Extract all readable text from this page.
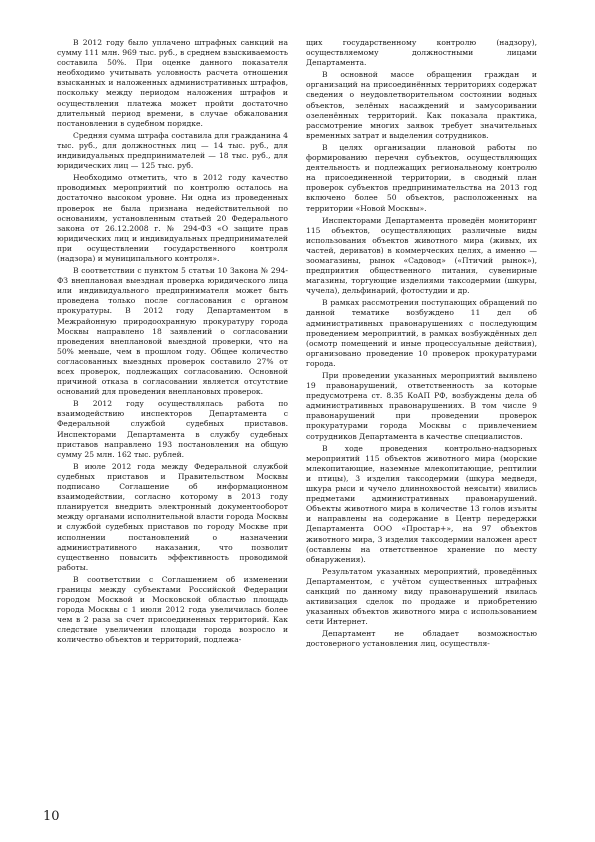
В 2012 году было уплачено штрафных санкций на сумму 111 млн. 969 тыс. руб., в среднем взыскиваемость составила 50%. При оценке данного показателя необходимо учитывать условность расчета отношения взысканных и наложенных административных штрафов, поскольку между периодом наложения штрафов и осуществления платежа может пройти достаточно длительный период времени, в случае обжалования постановления в судебном порядке.

Средняя сумма штрафа составила для гражданина 4 тыс. руб., для должностных лиц — 14 тыс. руб., для индивидуальных предпринимателей — 18 тыс. руб., для юридических лиц — 125 тыс. руб.

Необходимо отметить, что в 2012 году качество проводимых мероприятий по контролю осталось на достаточно высоком уровне. Ни одна из проведенных проверок не была признана недействительной по основаниям, установленным статьей 20 Федерального закона от 26.12.2008 г. № 294-ФЗ «О защите прав юридических лиц и индивидуальных предпринимателей при осуществлении государственного контроля (надзора) и муниципального контроля».

В соответствии с пунктом 5 статьи 10 Закона № 294-ФЗ внеплановая выездная проверка юридического лица или индивидуального предпринимателя может быть проведена только после согласования с органом прокуратуры. В 2012 году Департаментом в Межрайонную природоохранную прокуратуру города Москвы направлено 18 заявлений о согласовании проведения внеплановой выездной проверки, что на 50% меньше, чем в прошлом году. Общее количество согласованных выездных проверок составило 27% от всех проверок, подлежащих согласованию. Основной причиной отказа в согласовании является отсутствие оснований для проведения внеплановых проверок.

В 2012 году осуществлялась работа по взаимодействию инспекторов Департамента с Федеральной службой судебных приставов. Инспекторами Департамента в службу судебных приставов направлено 193 постановления на общую сумму 25 млн. 162 тыс. рублей.

В июле 2012 года между Федеральной службой судебных приставов и Правительством Москвы подписано Соглашение об информационном взаимодействии, согласно которому в 2013 году планируется внедрить электронный документооборот между органами исполнительной власти города Москвы и службой судебных приставов по городу Москве при исполнении постановлений о назначении административного наказания, что позволит существенно повысить эффективность проводимой работы.

В соответствии с Соглашением об изменении границы между субъектами Российской Федерации городом Москвой и Московской областью площадь города Москвы с 1 июля 2012 года увеличилась более чем в 2 раза за счет присоединенных территорий. Как следствие увеличения площади города возросло и количество объектов и территорий, подлежа-

щих государственному контролю (надзору), осуществляемому должностными лицами Департамента.

В основной массе обращения граждан и организаций на присоединённых территориях содержат сведения о неудовлетворительном состоянии водных объектов, зелёных насаждений и замусоривании озеленённых территорий. Как показала практика, рассмотрение многих заявок требует значительных временных затрат и выделения сотрудников.

В целях организации плановой работы по формированию перечня субъектов, осуществляющих деятельность и подлежащих региональному контролю на присоединенной территории, в сводный план проверок субъектов предпринимательства на 2013 год включено более 50 объектов, расположенных на территории «Новой Москвы».

Инспекторами Департамента проведён мониторинг 115 объектов, осуществляющих различные виды использования объектов животного мира (живых, их частей, дериватов) в коммерческих целях, а именно — зоомагазины, рынок «Садовод» («Птичий рынок»), предприятия общественного питания, сувенирные магазины, торгующие изделиями таксодермии (шкуры, чучела), дельфинарий, фотостудии и др.

В рамках рассмотрения поступающих обращений по данной тематике возбуждено 11 дел об административных правонарушениях с последующим проведением мероприятий, в рамках возбуждённых дел (осмотр помещений и иные процессуальные действия), организовано проведение 10 проверок прокуратурами города.

При проведении указанных мероприятий выявлено 19 правонарушений, ответственность за которые предусмотрена ст. 8.35 КоАП РФ, возбуждены дела об административных правонарушениях. В том числе 9 правонарушений при проведении проверок прокуратурами города Москвы с привлечением сотрудников Департамента в качестве специалистов.

В ходе проведения контрольно-надзорных мероприятий 115 объектов животного мира (морские млекопитающие, наземные млекопитающие, рептилии и птицы), 3 изделия таксодермии (шкура медведя, шкура рыси и чучело длиннохвостой неясыти) явились предметами административных правонарушений. Объекты животного мира в количестве 13 голов изъяты и направлены на содержание в Центр передержки Департамента ООО «Простар+», на 97 объектов животного мира, 3 изделия таксодермии наложен арест (оставлены на ответственное хранение по месту обнаружения).

Результатом указанных мероприятий, проведённых Департаментом, с учётом существенных штрафных санкций по данному виду правонарушений явилась активизация сделок по продаже и приобретению указанных объектов животного мира с использованием сети Интернет.

Департамент не обладает возможностью достоверного установления лиц, осуществля-

10
